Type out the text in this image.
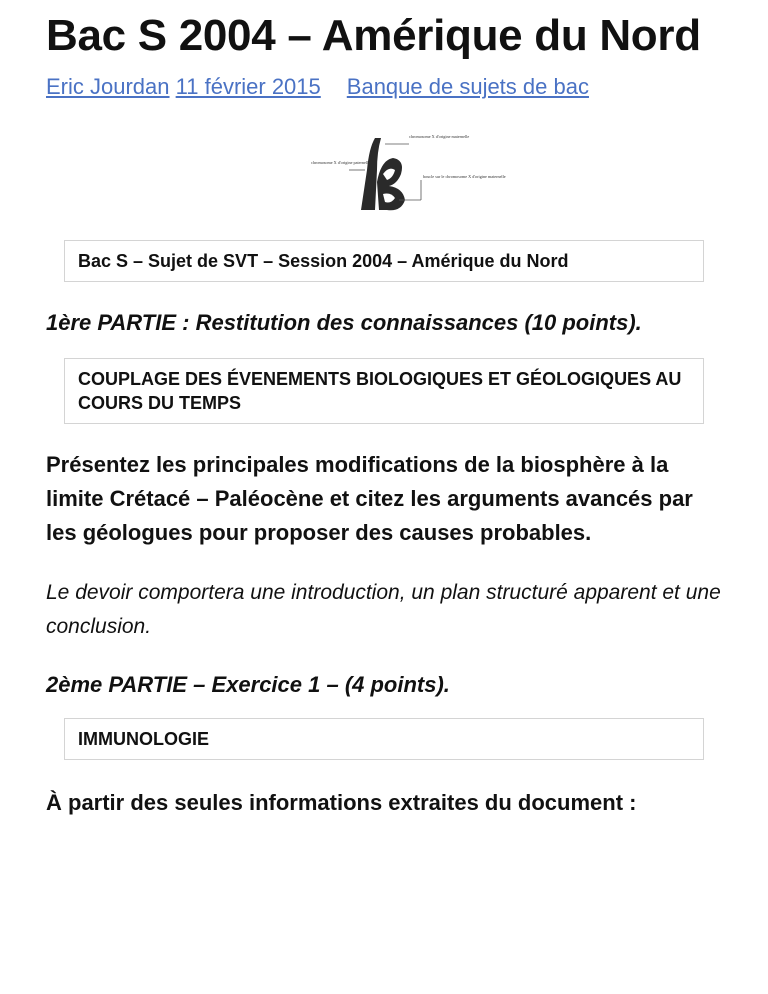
Bac S 2004 – Amérique du Nord
Eric Jourdan 11 février 2015 Banque de sujets de bac
chromosome X d'origine paternelle
chromosome X d'origine maternelle
boucle sur le chromosome X d'origine maternelle
Bac S – Sujet de SVT – Session 2004 – Amérique du Nord
1ère PARTIE : Restitution des connaissances (10 points).
COUPLAGE DES ÉVENEMENTS BIOLOGIQUES ET GÉOLOGIQUES AU COURS DU TEMPS

Présentez les principales modifications de la biosphère à la limite Crétacé – Paléocène et citez les arguments avancés par les géologues pour proposer des causes probables.

Le devoir comportera une introduction, un plan structuré apparent et une conclusion.

2ème PARTIE – Exercice 1 – (4 points).
IMMUNOLOGIE

À partir des seules informations extraites du document :
